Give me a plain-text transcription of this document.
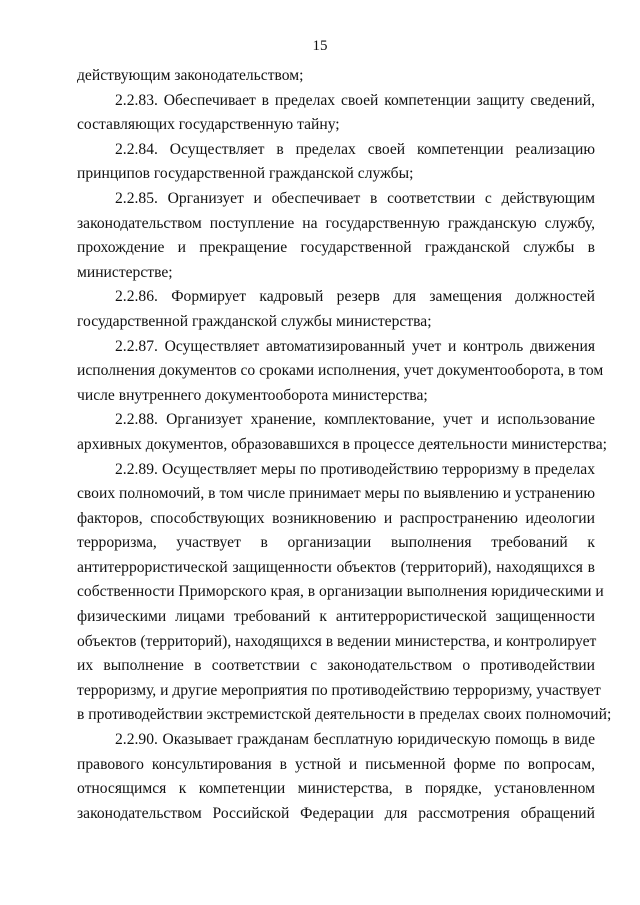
15

действующим законодательством;

2.2.83. Обеспечивает в пределах своей компетенции защиту сведений,
составляющих государственную тайну;

2.2.84. Осуществляет в пределах своей компетенции реализацию
принципов государственной гражданской службы;

2.2.85. Организует и обеспечивает в соответствии с действующим
законодательством поступление на государственную гражданскую службу,
прохождение и прекращение государственной гражданской службы в
министерстве;

2.2.86. Формирует кадровый резерв для замещения должностей
государственной гражданской службы министерства;

2.2.87. Осуществляет автоматизированный учет и контроль движения
исполнения документов со сроками исполнения, учет документооборота, в том
числе внутреннего документооборота министерства;

2.2.88. Организует хранение, комплектование, учет и использование
архивных документов, образовавшихся в процессе деятельности министерства;

2.2.89. Осуществляет меры по противодействию терроризму в пределах
своих полномочий, в том числе принимает меры по выявлению и устранению
факторов, способствующих возникновению и распространению идеологии
терроризма, участвует в организации выполнения требований к
антитеррористической защищенности объектов (территорий), находящихся в
собственности Приморского края, в организации выполнения юридическими и
физическими лицами требований к антитеррористической защищенности
объектов (территорий), находящихся в ведении министерства, и контролирует
их выполнение в соответствии с законодательством о противодействии
терроризму, и другие мероприятия по противодействию терроризму, участвует
в противодействии экстремистской деятельности в пределах своих полномочий;

2.2.90. Оказывает гражданам бесплатную юридическую помощь в виде
правового консультирования в устной и письменной форме по вопросам,
относящимся к компетенции министерства, в порядке, установленном
законодательством Российской Федерации для рассмотрения обращений
